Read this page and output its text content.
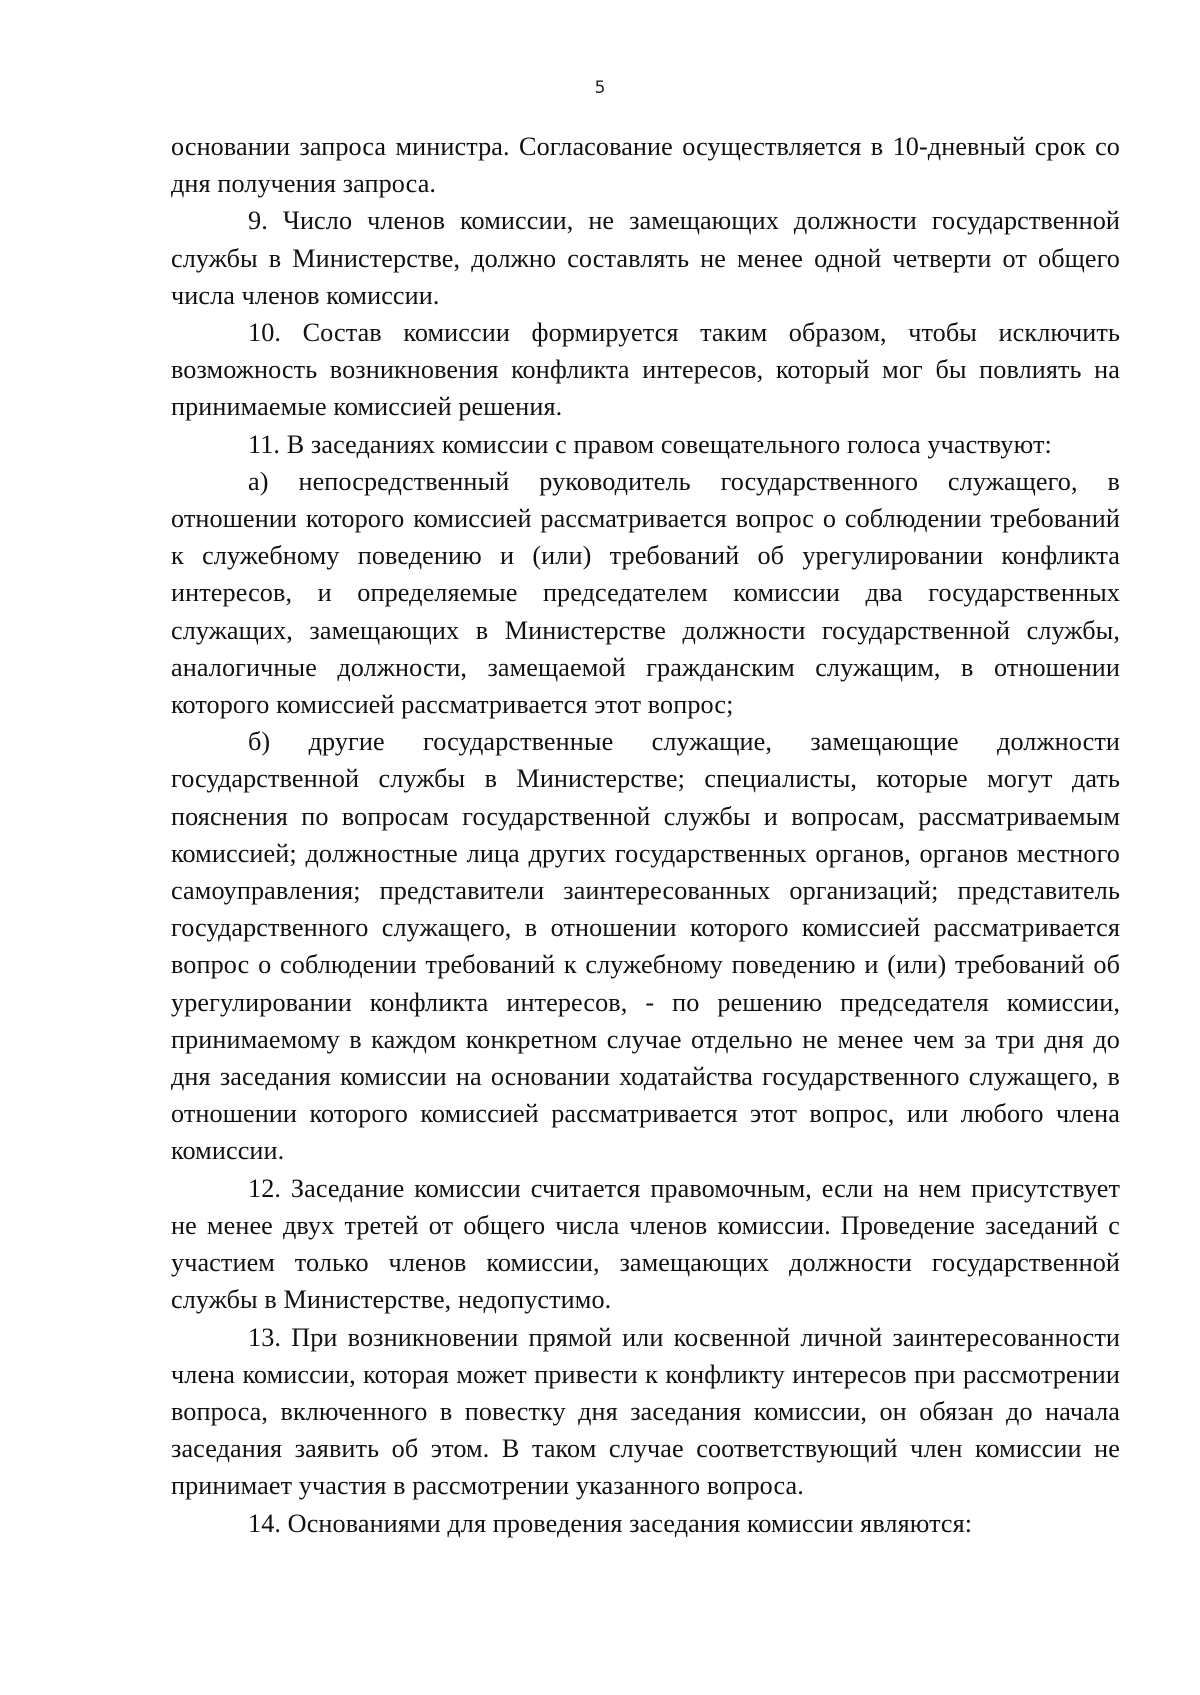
5

основании запроса министра. Согласование осуществляется в 10-дневный срок со дня получения запроса.

9. Число членов комиссии, не замещающих должности государственной службы в Министерстве, должно составлять не менее одной четверти от общего числа членов комиссии.

10. Состав комиссии формируется таким образом, чтобы исключить возможность возникновения конфликта интересов, который мог бы повлиять на принимаемые комиссией решения.

11. В заседаниях комиссии с правом совещательного голоса участвуют:

а) непосредственный руководитель государственного служащего, в отношении которого комиссией рассматривается вопрос о соблюдении требований к служебному поведению и (или) требований об урегулировании конфликта интересов, и определяемые председателем комиссии два государственных служащих, замещающих в Министерстве должности государственной службы, аналогичные должности, замещаемой гражданским служащим, в отношении которого комиссией рассматривается этот вопрос;

б) другие государственные служащие, замещающие должности государственной службы в Министерстве; специалисты, которые могут дать пояснения по вопросам государственной службы и вопросам, рассматриваемым комиссией; должностные лица других государственных органов, органов местного самоуправления; представители заинтересованных организаций; представитель государственного служащего, в отношении которого комиссией рассматривается вопрос о соблюдении требований к служебному поведению и (или) требований об урегулировании конфликта интересов, - по решению председателя комиссии, принимаемому в каждом конкретном случае отдельно не менее чем за три дня до дня заседания комиссии на основании ходатайства государственного служащего, в отношении которого комиссией рассматривается этот вопрос, или любого члена комиссии.

12. Заседание комиссии считается правомочным, если на нем присутствует не менее двух третей от общего числа членов комиссии. Проведение заседаний с участием только членов комиссии, замещающих должности государственной службы в Министерстве, недопустимо.

13. При возникновении прямой или косвенной личной заинтересованности члена комиссии, которая может привести к конфликту интересов при рассмотрении вопроса, включенного в повестку дня заседания комиссии, он обязан до начала заседания заявить об этом. В таком случае соответствующий член комиссии не принимает участия в рассмотрении указанного вопроса.

14. Основаниями для проведения заседания комиссии являются:
